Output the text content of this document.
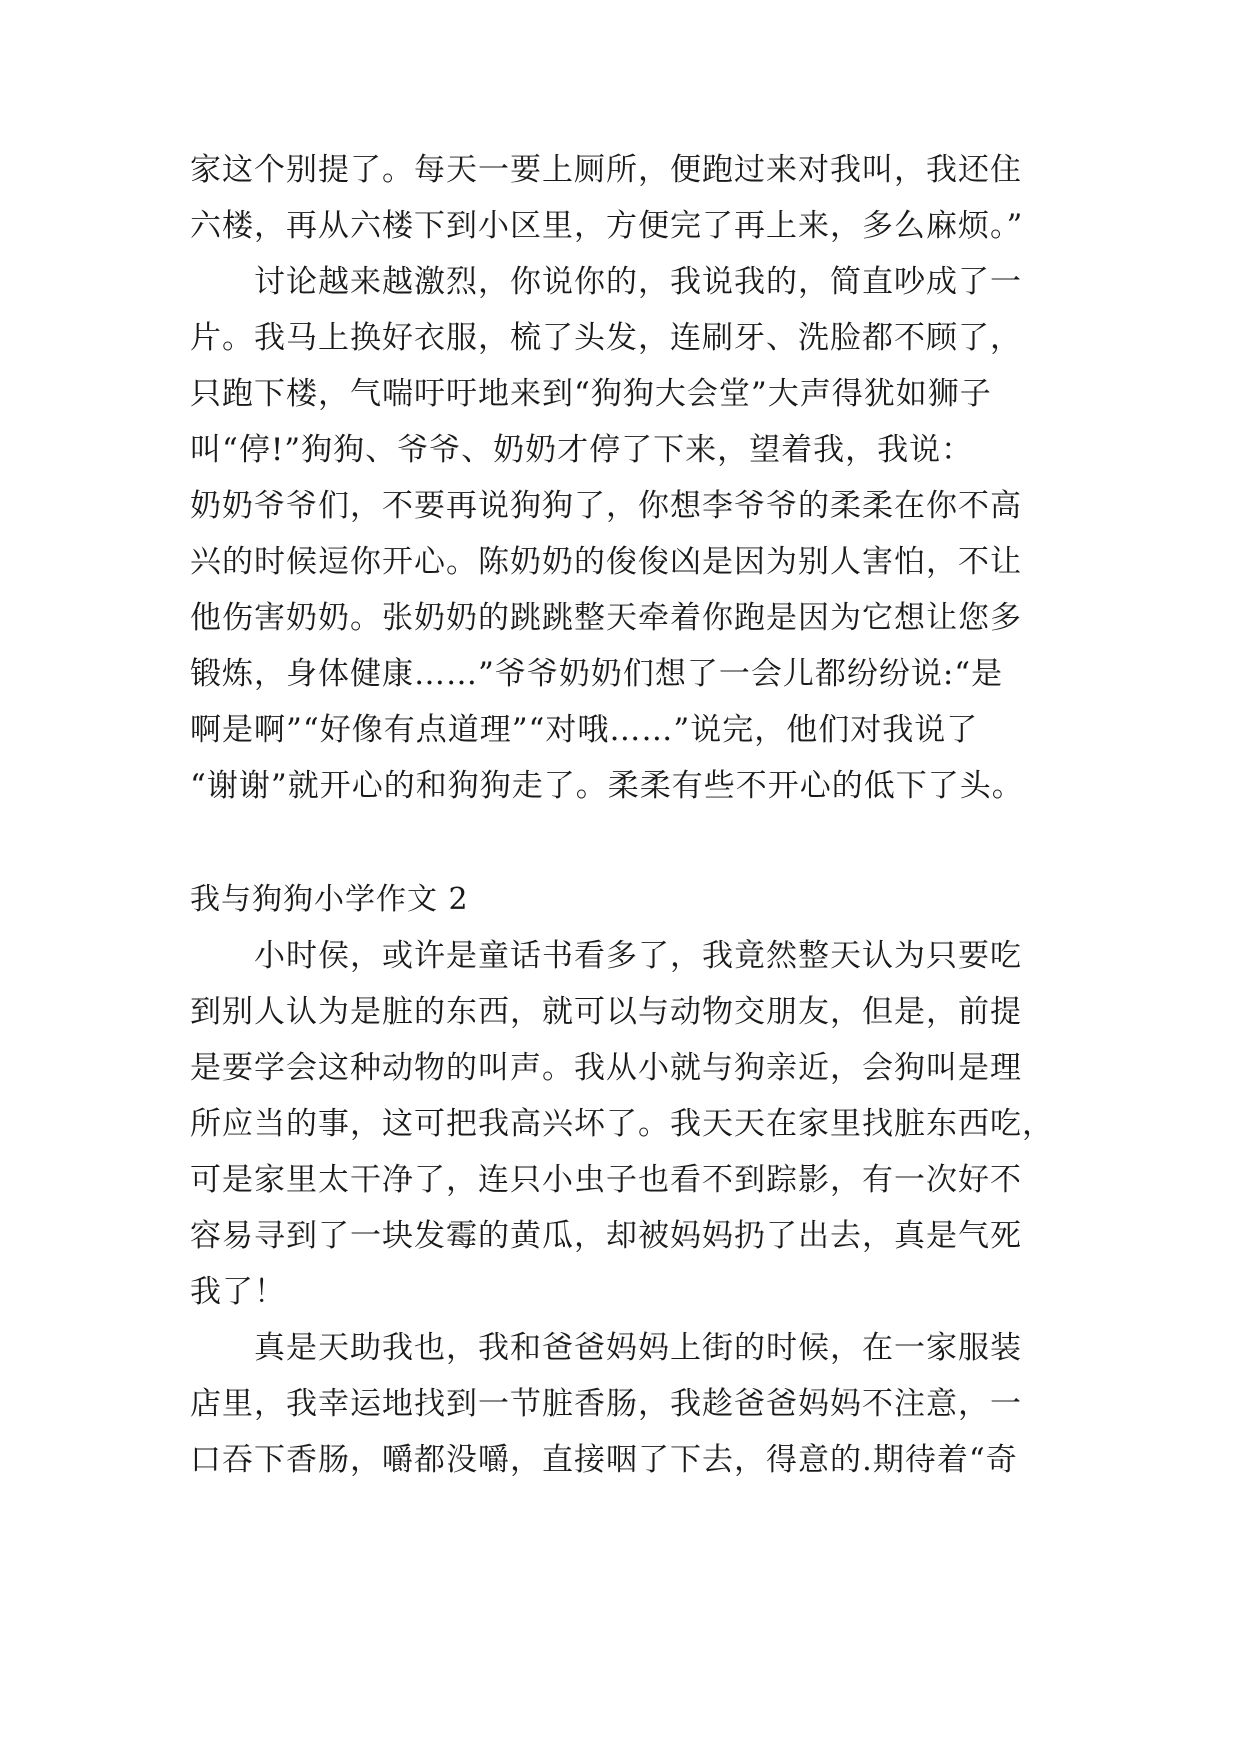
家这个别提了。每天一要上厕所，便跑过来对我叫，我还住
六楼，再从六楼下到小区里，方便完了再上来，多么麻烦。”
讨论越来越激烈，你说你的，我说我的，简直吵成了一
片。我马上换好衣服，梳了头发，连刷牙、洗脸都不顾了，
只跑下楼，气喘吁吁地来到“狗狗大会堂”大声得犹如狮子
叫“停!”狗狗、爷爷、奶奶才停了下来，望着我，我说：
奶奶爷爷们，不要再说狗狗了，你想李爷爷的柔柔在你不高
兴的时候逗你开心。陈奶奶的俊俊凶是因为别人害怕，不让
他伤害奶奶。张奶奶的跳跳整天牵着你跑是因为它想让您多
锻炼，身体健康……”爷爷奶奶们想了一会儿都纷纷说:“是
啊是啊”“好像有点道理”“对哦……”说完，他们对我说了
“谢谢”就开心的和狗狗走了。柔柔有些不开心的低下了头。
我与狗狗小学作文 2
小时侯，或许是童话书看多了，我竟然整天认为只要吃
到别人认为是脏的东西，就可以与动物交朋友，但是，前提
是要学会这种动物的叫声。我从小就与狗亲近，会狗叫是理
所应当的事，这可把我高兴坏了。我天天在家里找脏东西吃，
可是家里太干净了，连只小虫子也看不到踪影，有一次好不
容易寻到了一块发霉的黄瓜，却被妈妈扔了出去，真是气死
我了！
真是天助我也，我和爸爸妈妈上街的时候，在一家服装
店里，我幸运地找到一节脏香肠，我趁爸爸妈妈不注意，一
口吞下香肠，嚼都没嚼，直接咽了下去，得意的.期待着“奇
